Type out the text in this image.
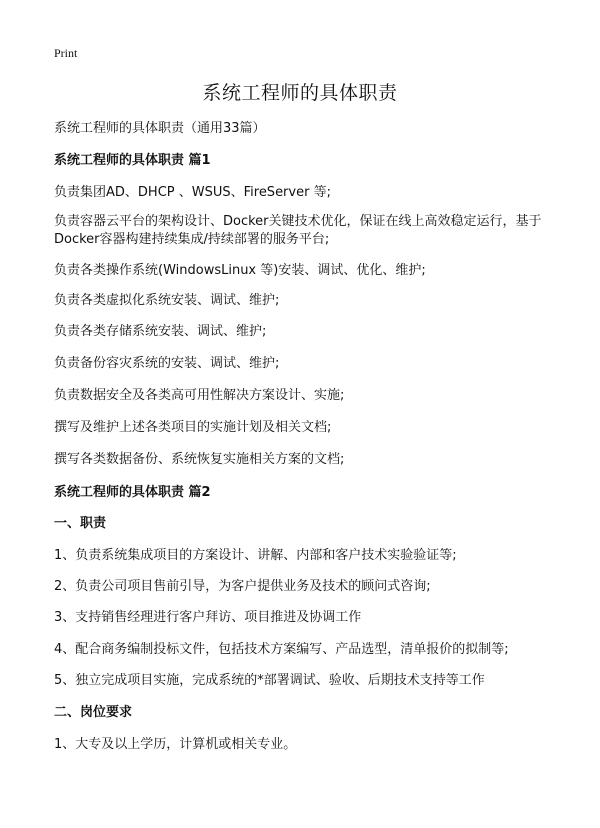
Print
系统工程师的具体职责
系统工程师的具体职责（通用33篇）
系统工程师的具体职责 篇1
负责集团AD、DHCP 、WSUS、FireServer 等;
负责容器云平台的架构设计、Docker关键技术优化，保证在线上高效稳定运行，基于Docker容器构建持续集成/持续部署的服务平台;
负责各类操作系统(WindowsLinux 等)安装、调试、优化、维护;
负责各类虚拟化系统安装、调试、维护;
负责各类存储系统安装、调试、维护;
负责备份容灾系统的安装、调试、维护;
负责数据安全及各类高可用性解决方案设计、实施;
撰写及维护上述各类项目的实施计划及相关文档;
撰写各类数据备份、系统恢复实施相关方案的文档;
系统工程师的具体职责 篇2
一、职责
1、负责系统集成项目的方案设计、讲解、内部和客户技术实验验证等;
2、负责公司项目售前引导，为客户提供业务及技术的顾问式咨询;
3、支持销售经理进行客户拜访、项目推进及协调工作
4、配合商务编制投标文件，包括技术方案编写、产品选型，清单报价的拟制等;
5、独立完成项目实施，完成系统的*部署调试、验收、后期技术支持等工作
二、岗位要求
1、大专及以上学历，计算机或相关专业。
